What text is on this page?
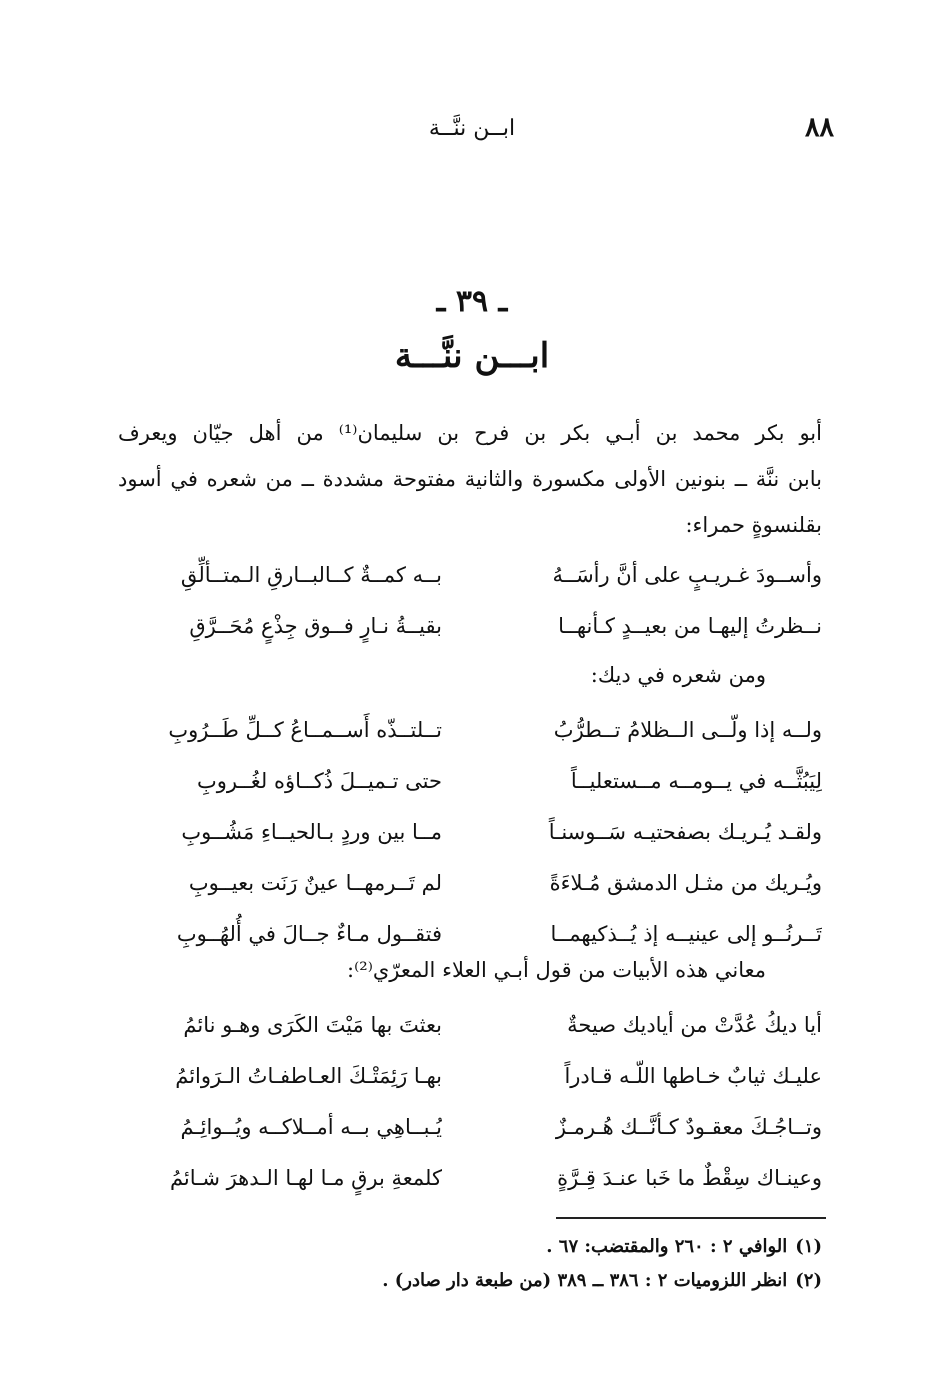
٨٨
ابــن ننَّــة
ـ ٣٩ ـ
ابـــن ننَّـــة
أبو بكر محمد بن أبـي بكر بن فرح بن سليمان⁽¹⁾ من أهل جيّان ويعرف
بابن ننَّة ــ بنونين الأولى مكسورة والثانية مفتوحة مشددة ــ من شعره في أسود
بقلنسوةٍ حمراء:
وأســودَ غـريـبٍ على أنَّ رأسَــهُ
بــه كمــةٌ كــالبــارقِ الـمتــألِّقِ
نــظرتُ إليهـا من بعيــدٍ كـأنهــا
بقيــةُ نـارٍ فــوق جِذْعٍ مُحَــرَّقِ
ومن شعره في ديك:
ولــه إذا ولّــى الــظلامُ تــطرُّبُ
تــلتــذّه أَســمــاعُ كــلِّ طَــرُوبِ
لِيَبُثَّــه في يــومــه مــستعليــاً
حتى تـميــلَ ذُكــاؤه لغُــروبِ
ولقـد يُـريـك بصفحتيـه سَــوسنـاً
مــا بين وردٍ بـالحيــاءِ مَشُــوبِ
ويُـريك من مثـل الدمشق مُـلاءَةً
لم تَــرمهــا عينٌ رَنَت بعيــوبِ
تَــرنُــو إلى عينيــه إذ يُــذكيهمــا
فتقــول مـاءٌ جــالَ في أُلهُــوبِ
معاني هذه الأبيات من قول أبـي العلاء المعرّي⁽²⁾:
أيا ديكُ عُدَّتْ من أياديك صيحةٌ
بعثتَ بها مَيْتَ الكَرَى وهـو نائمُ
عليـك ثيابٌ خـاطها اللّـه قـادراً
بهـا رَئِمَتْـكَ العـاطفـاتُ الـرَوائمُ
وتــاجُـكَ معقـودٌ كـأنَّــك هُـرمـزٌ
يُـبــاهِي بــه أمــلاكــه ويُــوائِـمُ
وعينـاك سِقْطٌ ما خَبا عنـدَ قِـرَّةٍ
كلمعةِ برقٍ مـا لهـا الـدهرَ شـائمُ
(١)الوافي ٢ : ٢٦٠ والمقتضب: ٦٧ .
(٢)انظر اللزوميات ٢ : ٣٨٦ ــ ٣٨٩ (من طبعة دار صادر) .
